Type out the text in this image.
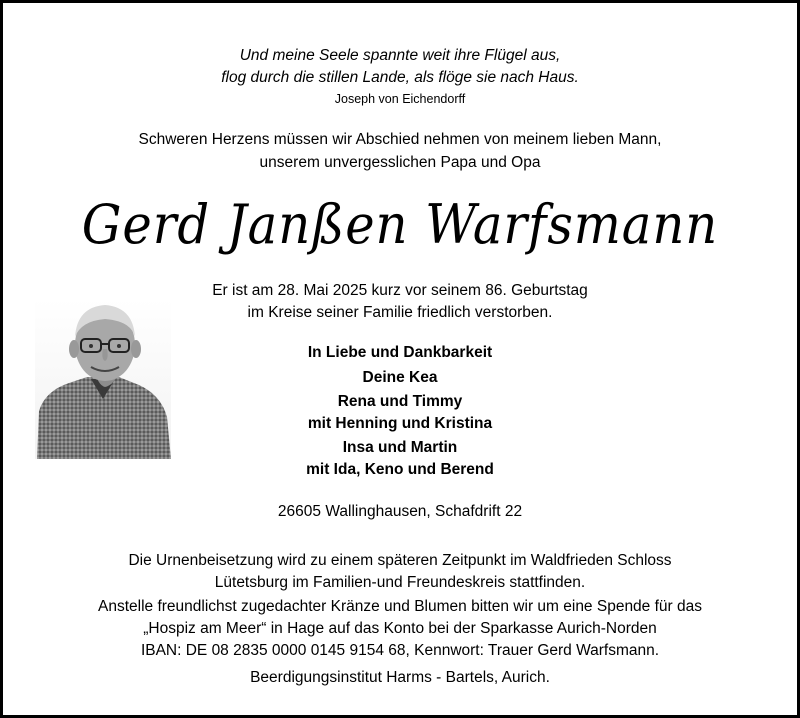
Und meine Seele spannte weit ihre Flügel aus,
flog durch die stillen Lande, als flöge sie nach Haus.
Joseph von Eichendorff
Schweren Herzens müssen wir Abschied nehmen von meinem lieben Mann,
unserem unvergesslichen Papa und Opa
Gerd Janßen Warfsmann
Er ist am 28. Mai 2025 kurz vor seinem 86. Geburtstag
im Kreise seiner Familie friedlich verstorben.
In Liebe und Dankbarkeit
Deine Kea
Rena und Timmy
mit Henning und Kristina
Insa und Martin
mit Ida, Keno und Berend
26605 Wallinghausen, Schafdrift 22
Die Urnenbeisetzung wird zu einem späteren Zeitpunkt im Waldfrieden Schloss
Lütetsburg im Familien-und Freundeskreis stattfinden.
Anstelle freundlichst zugedachter Kränze und Blumen bitten wir um eine Spende für das
„Hospiz am Meer“ in Hage auf das Konto bei der Sparkasse Aurich-Norden
IBAN: DE 08 2835 0000 0145 9154 68, Kennwort: Trauer Gerd Warfsmann.
Beerdigungsinstitut Harms - Bartels, Aurich.
